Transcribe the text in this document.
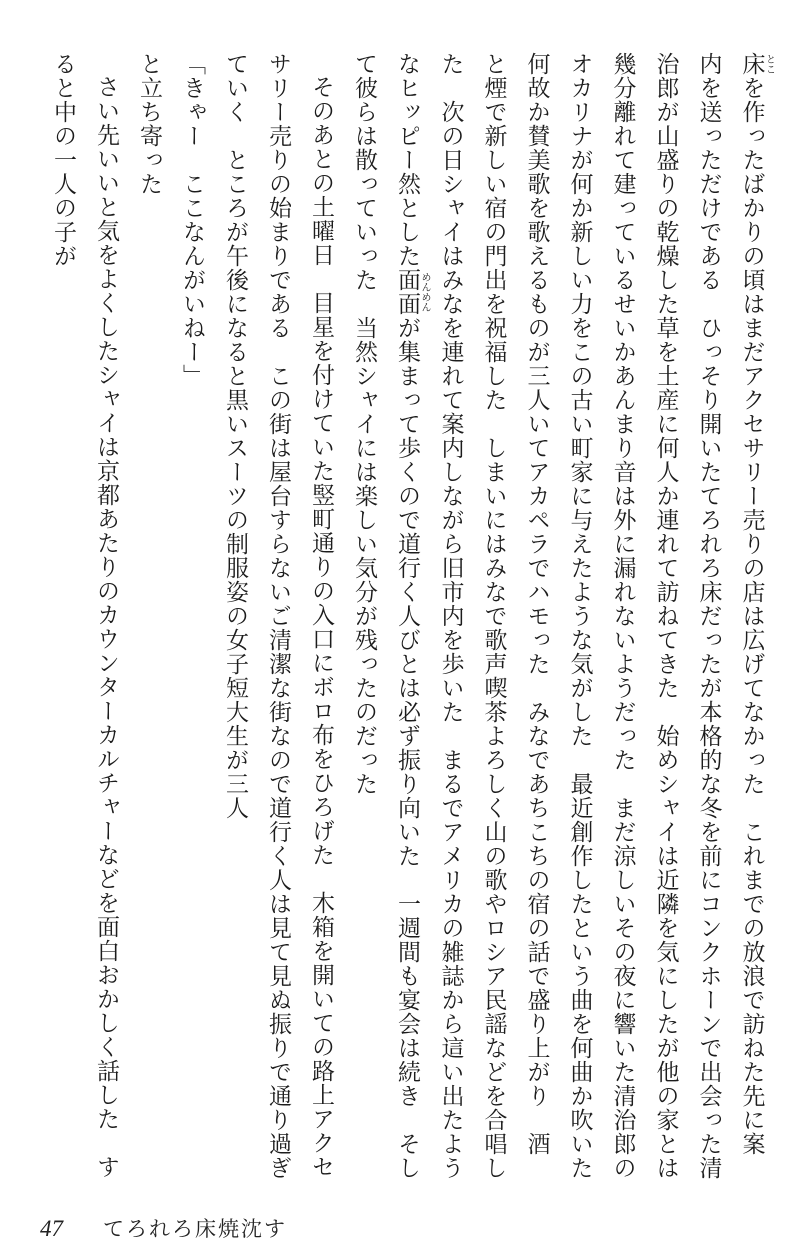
床 とこを作ったばかりの頃はまだアクセサリー売りの店は広げてなかった　これまでの放浪で訪ねた先に案
内を送っただけである　ひっそり開いたてろれろ床だったが本格的な冬を前にコンクホーンで出会った清
治郎が山盛りの乾燥した草を土産に何人か連れて訪ねてきた　始めシャイは近隣を気にしたが他の家とは
幾分離れて建っているせいかあんまり音は外に漏れないようだった　まだ涼しいその夜に響いた清治郎の
オカリナが何か新しい力をこの古い町家に与えたような気がした　最近創作したという曲を何曲か吹いた
何故か賛美歌を歌えるものが三人いてアカペラでハモった　みなであちこちの宿の話で盛り上がり　酒
と煙で新しい宿の門出を祝福した　しまいにはみなで歌声喫茶よろしく山の歌やロシア民謡などを合唱し
た　次の日シャイはみなを連れて案内しながら旧市内を歩いた　まるでアメリカの雑誌から這い出たよう
なヒッピー然とした面面 めんめんが集まって歩くので道行く人びとは必ず振り向いた　一週間も宴会は続き　そし
て彼らは散っていった　当然シャイには楽しい気分が残ったのだった
そのあとの土曜日　目星を付けていた竪町通りの入口にボロ布をひろげた　木箱を開いての路上アクセ
サリー売りの始まりである　この街は屋台すらないご清潔な街なので道行く人は見て見ぬ振りで通り過ぎ
ていく　ところが午後になると黒いスーツの制服姿の女子短大生が三人
「きゃー　ここなんがいねー」
と立ち寄った
さい先いいと気をよくしたシャイは京都あたりのカウンターカルチャーなどを面白おかしく話した　す
ると中の一人の子が
47 てろれろ床焼沈す
